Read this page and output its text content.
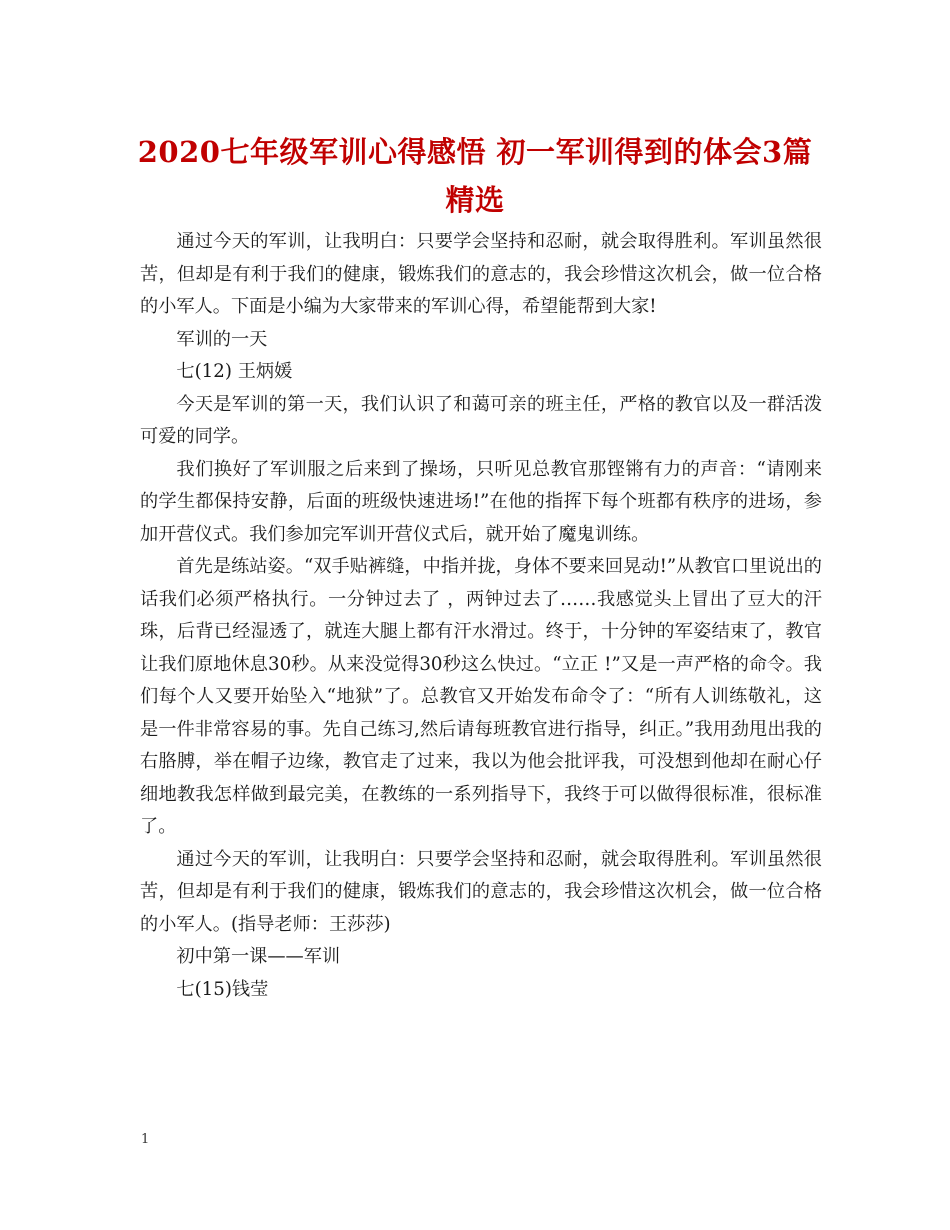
2020七年级军训心得感悟 初一军训得到的体会3篇精选

通过今天的军训，让我明白：只要学会坚持和忍耐，就会取得胜利。军训虽然很苦，但却是有利于我们的健康，锻炼我们的意志的，我会珍惜这次机会，做一位合格的小军人。下面是小编为大家带来的军训心得，希望能帮到大家!

军训的一天

七(12) 王炳媛

今天是军训的第一天，我们认识了和蔼可亲的班主任，严格的教官以及一群活泼可爱的同学。

我们换好了军训服之后来到了操场，只听见总教官那铿锵有力的声音：“请刚来的学生都保持安静，后面的班级快速进场!”在他的指挥下每个班都有秩序的进场，参加开营仪式。我们参加完军训开营仪式后，就开始了魔鬼训练。

首先是练站姿。“双手贴裤缝，中指并拢，身体不要来回晃动!”从教官口里说出的话我们必须严格执行。一分钟过去了 ，两钟过去了……我感觉头上冒出了豆大的汗珠，后背已经湿透了，就连大腿上都有汗水滑过。终于，十分钟的军姿结束了，教官让我们原地休息30秒。从来没觉得30秒这么快过。“立正 !”又是一声严格的命令。我们每个人又要开始坠入“地狱”了。总教官又开始发布命令了：“所有人训练敬礼，这是一件非常容易的事。先自己练习,然后请每班教官进行指导，纠正。”我用劲甩出我的右胳膊，举在帽子边缘，教官走了过来，我以为他会批评我，可没想到他却在耐心仔细地教我怎样做到最完美，在教练的一系列指导下，我终于可以做得很标准，很标准了。

通过今天的军训，让我明白：只要学会坚持和忍耐，就会取得胜利。军训虽然很苦，但却是有利于我们的健康，锻炼我们的意志的，我会珍惜这次机会，做一位合格的小军人。(指导老师：王莎莎)

初中第一课——军训

七(15)钱莹

1
